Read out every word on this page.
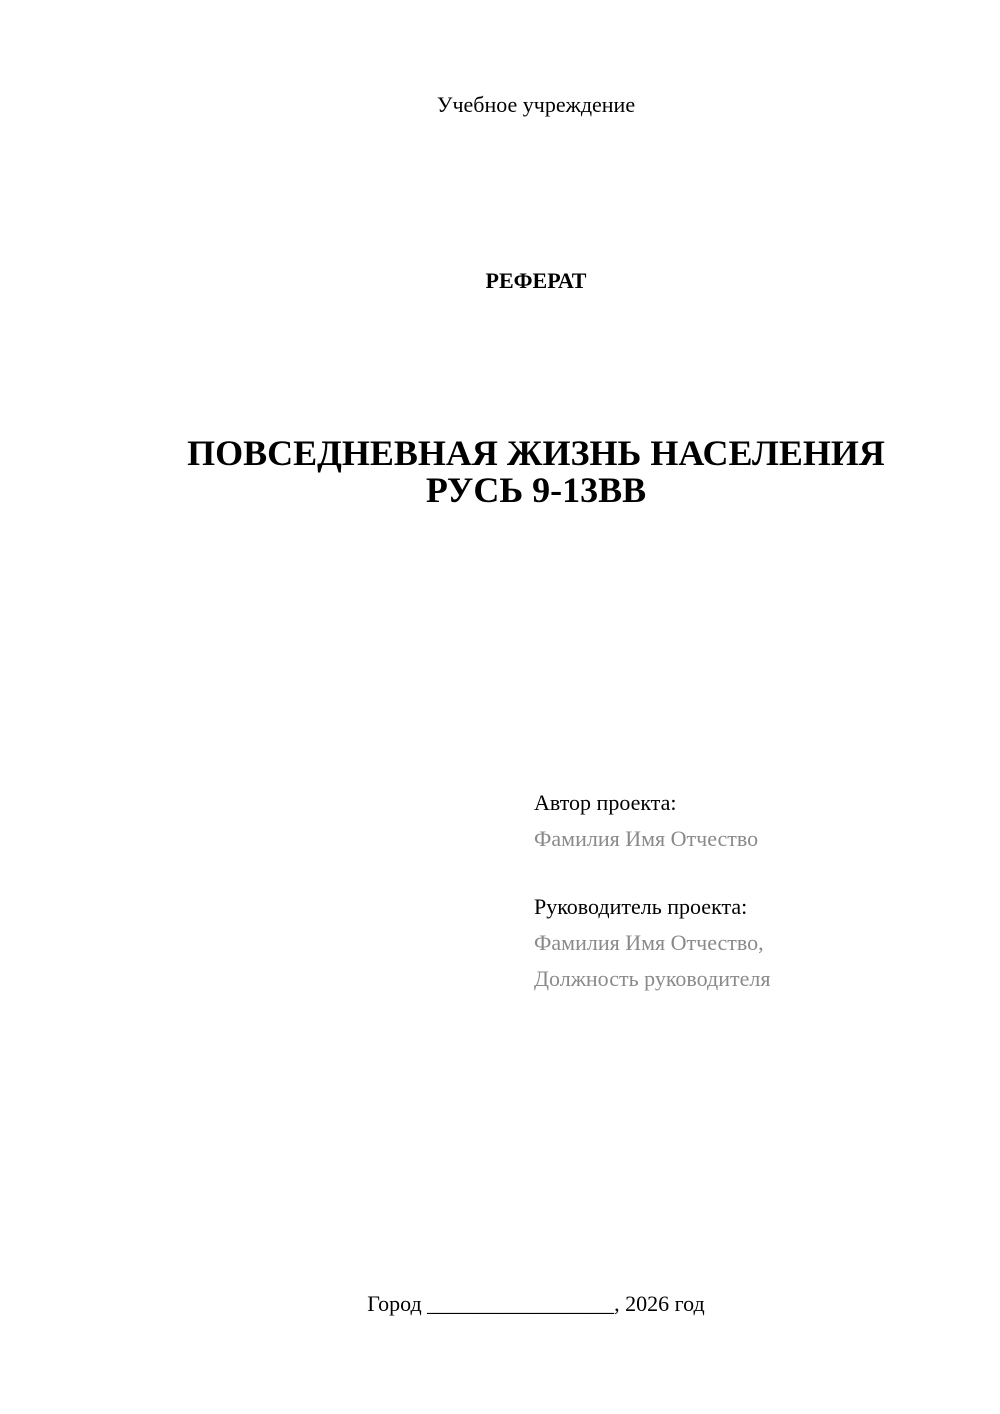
Учебное учреждение
РЕФЕРАТ
ПОВСЕДНЕВНАЯ ЖИЗНЬ НАСЕЛЕНИЯ
РУСЬ 9-13ВВ
Автор проекта:
Фамилия Имя Отчество
Руководитель проекта:
Фамилия Имя Отчество,
Должность руководителя
Город _________________, 2026 год
